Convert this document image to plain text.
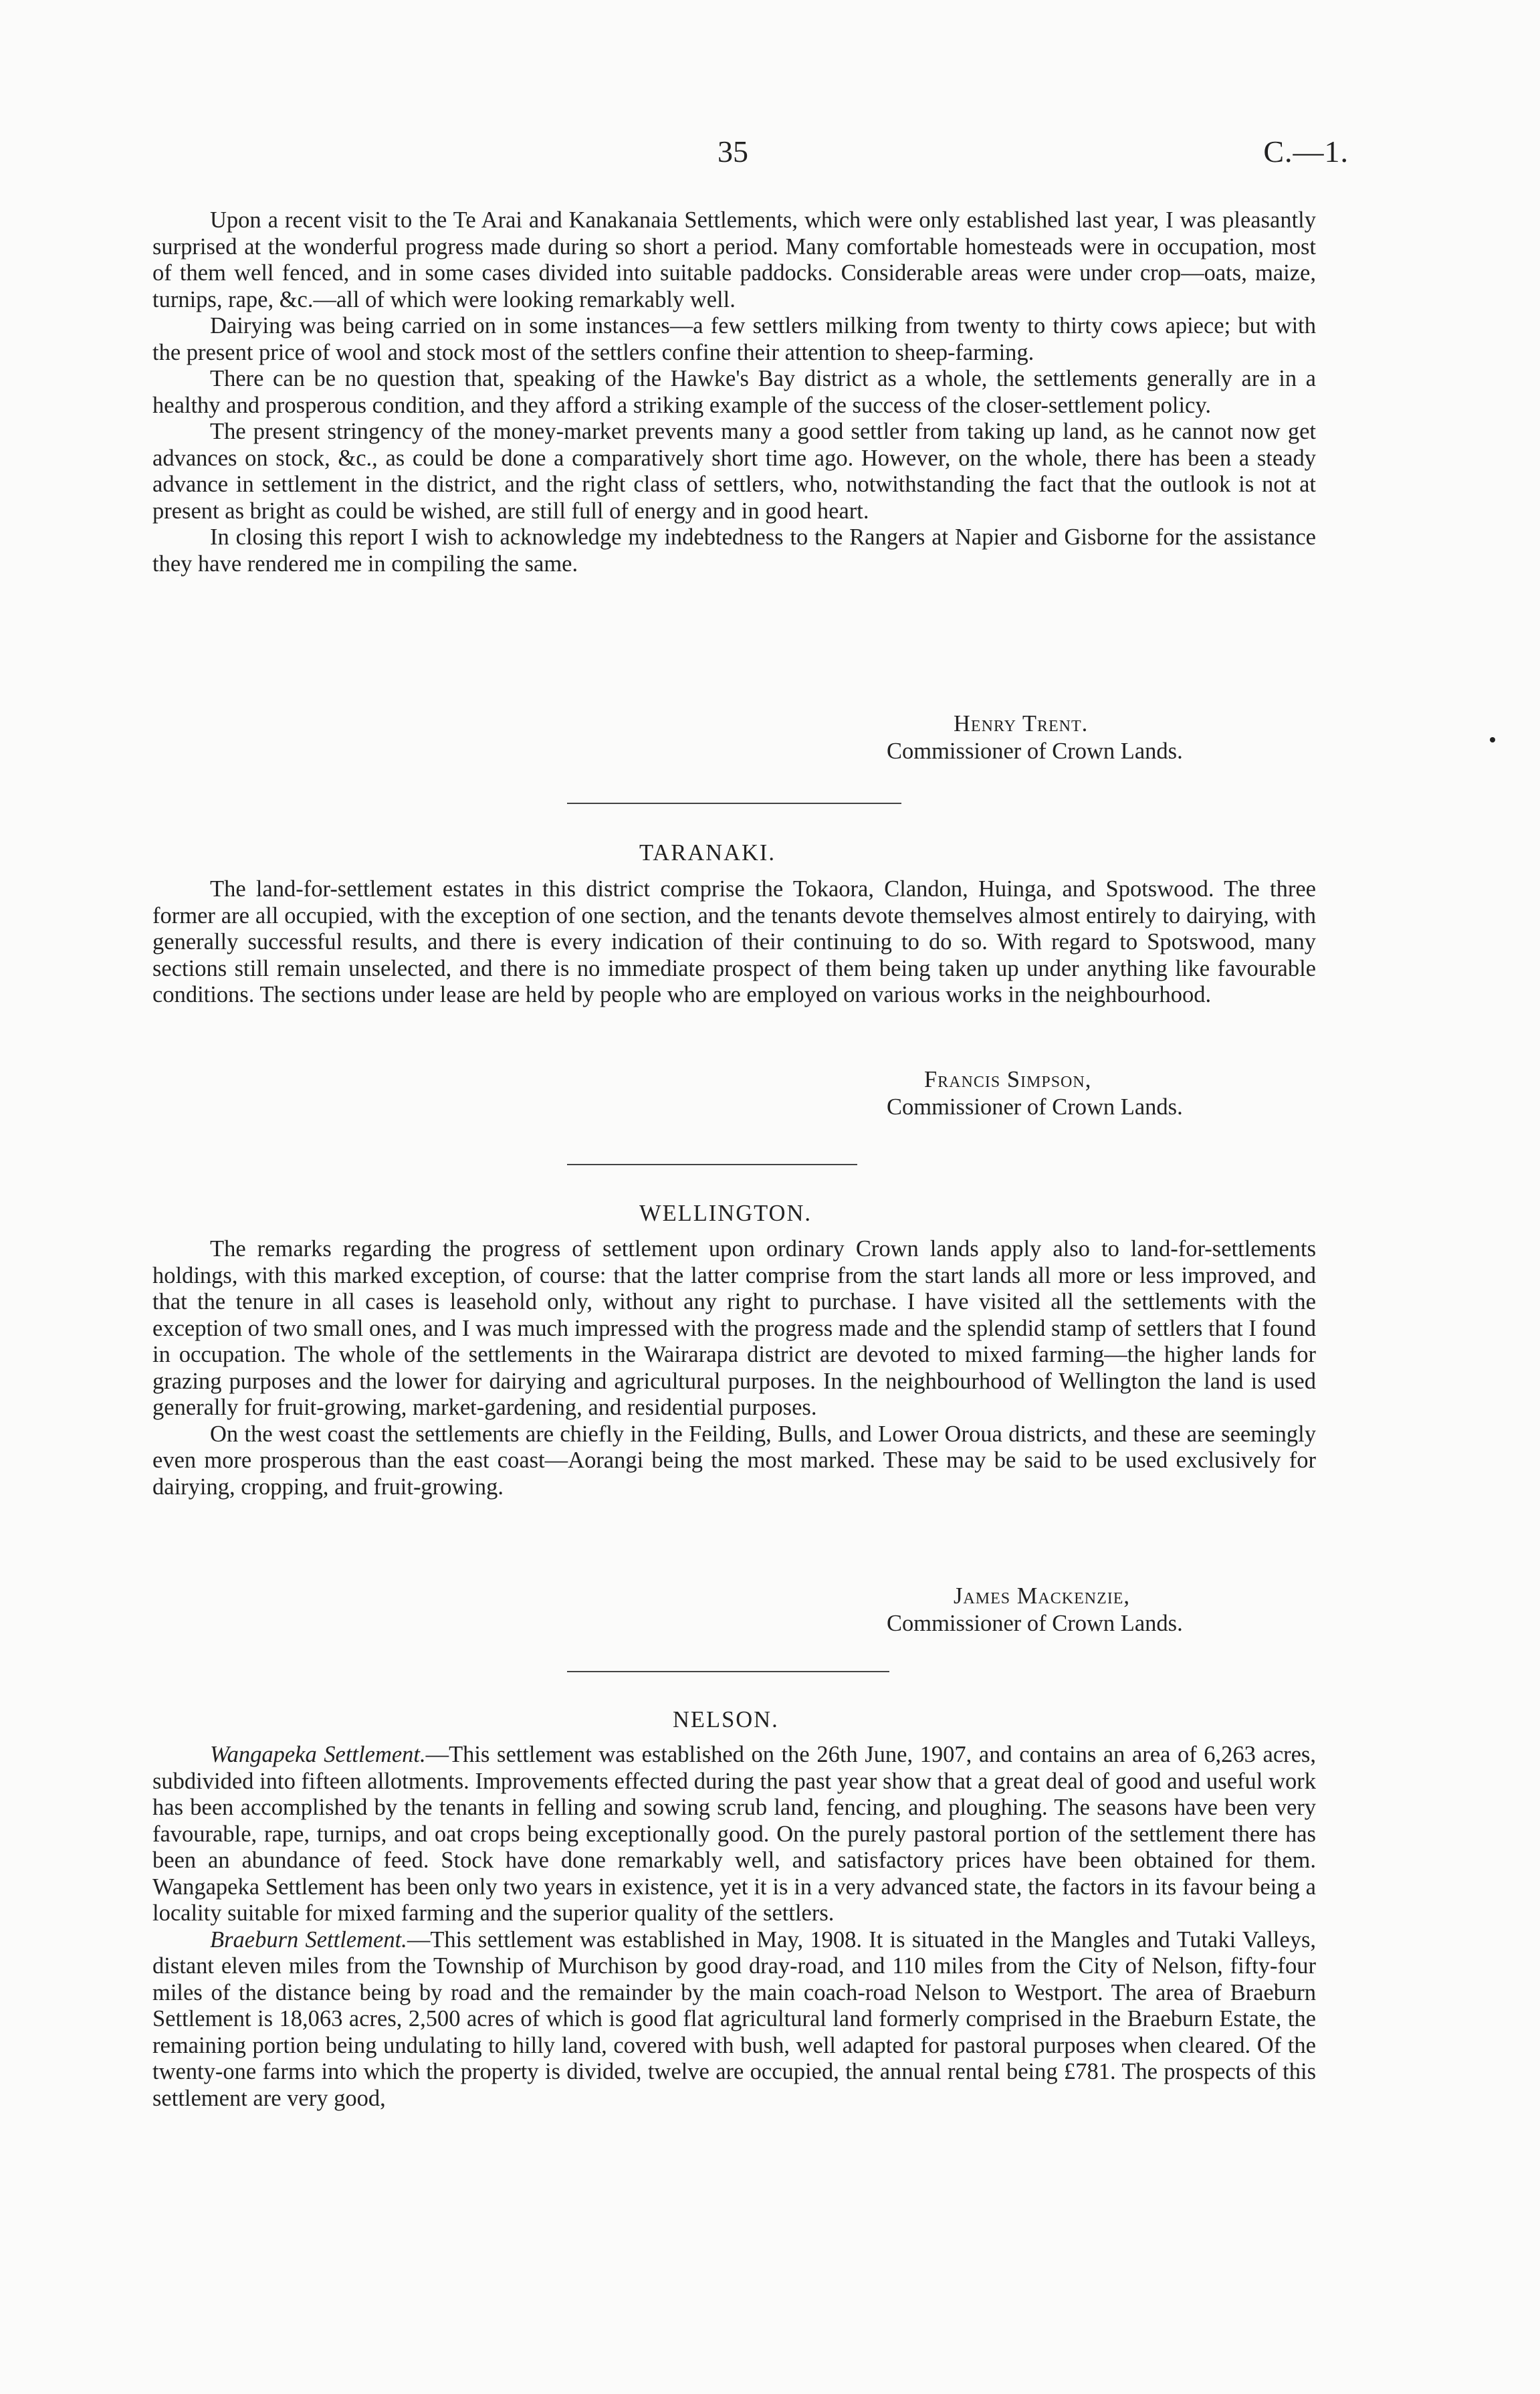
35	C.—1.

Upon a recent visit to the Te Arai and Kanakanaia Settlements, which were only established last year, I was pleasantly surprised at the wonderful progress made during so short a period. Many comfortable homesteads were in occupation, most of them well fenced, and in some cases divided into suitable paddocks. Considerable areas were under crop—oats, maize, turnips, rape, &c.—all of which were looking remarkably well.

Dairying was being carried on in some instances—a few settlers milking from twenty to thirty cows apiece; but with the present price of wool and stock most of the settlers confine their attention to sheep-farming.

There can be no question that, speaking of the Hawke's Bay district as a whole, the settlements generally are in a healthy and prosperous condition, and they afford a striking example of the success of the closer-settlement policy.

The present stringency of the money-market prevents many a good settler from taking up land, as he cannot now get advances on stock, &c., as could be done a comparatively short time ago. However, on the whole, there has been a steady advance in settlement in the district, and the right class of settlers, who, notwithstanding the fact that the outlook is not at present as bright as could be wished, are still full of energy and in good heart.

In closing this report I wish to acknowledge my indebtedness to the Rangers at Napier and Gisborne for the assistance they have rendered me in compiling the same.

Henry Trent.
Commissioner of Crown Lands.
TARANAKI.

The land-for-settlement estates in this district comprise the Tokaora, Clandon, Huinga, and Spotswood. The three former are all occupied, with the exception of one section, and the tenants devote themselves almost entirely to dairying, with generally successful results, and there is every indication of their continuing to do so. With regard to Spotswood, many sections still remain unselected, and there is no immediate prospect of them being taken up under anything like favourable conditions. The sections under lease are held by people who are employed on various works in the neighbourhood.

Francis Simpson,
Commissioner of Crown Lands.
WELLINGTON.

The remarks regarding the progress of settlement upon ordinary Crown lands apply also to land-for-settlements holdings, with this marked exception, of course: that the latter comprise from the start lands all more or less improved, and that the tenure in all cases is leasehold only, without any right to purchase. I have visited all the settlements with the exception of two small ones, and I was much impressed with the progress made and the splendid stamp of settlers that I found in occupation. The whole of the settlements in the Wairarapa district are devoted to mixed farming—the higher lands for grazing purposes and the lower for dairying and agricultural purposes. In the neighbourhood of Wellington the land is used generally for fruit-growing, market-gardening, and residential purposes.

On the west coast the settlements are chiefly in the Feilding, Bulls, and Lower Oroua districts, and these are seemingly even more prosperous than the east coast—Aorangi being the most marked. These may be said to be used exclusively for dairying, cropping, and fruit-growing.

James Mackenzie,
Commissioner of Crown Lands.
NELSON.

Wangapeka Settlement.—This settlement was established on the 26th June, 1907, and contains an area of 6,263 acres, subdivided into fifteen allotments. Improvements effected during the past year show that a great deal of good and useful work has been accomplished by the tenants in felling and sowing scrub land, fencing, and ploughing. The seasons have been very favourable, rape, turnips, and oat crops being exceptionally good. On the purely pastoral portion of the settlement there has been an abundance of feed. Stock have done remarkably well, and satisfactory prices have been obtained for them. Wangapeka Settlement has been only two years in existence, yet it is in a very advanced state, the factors in its favour being a locality suitable for mixed farming and the superior quality of the settlers.

Braeburn Settlement.—This settlement was established in May, 1908. It is situated in the Mangles and Tutaki Valleys, distant eleven miles from the Township of Murchison by good dray-road, and 110 miles from the City of Nelson, fifty-four miles of the distance being by road and the remainder by the main coach-road Nelson to Westport. The area of Braeburn Settlement is 18,063 acres, 2,500 acres of which is good flat agricultural land formerly comprised in the Braeburn Estate, the remaining portion being undulating to hilly land, covered with bush, well adapted for pastoral purposes when cleared. Of the twenty-one farms into which the property is divided, twelve are occupied, the annual rental being £781. The prospects of this settlement are very good,
